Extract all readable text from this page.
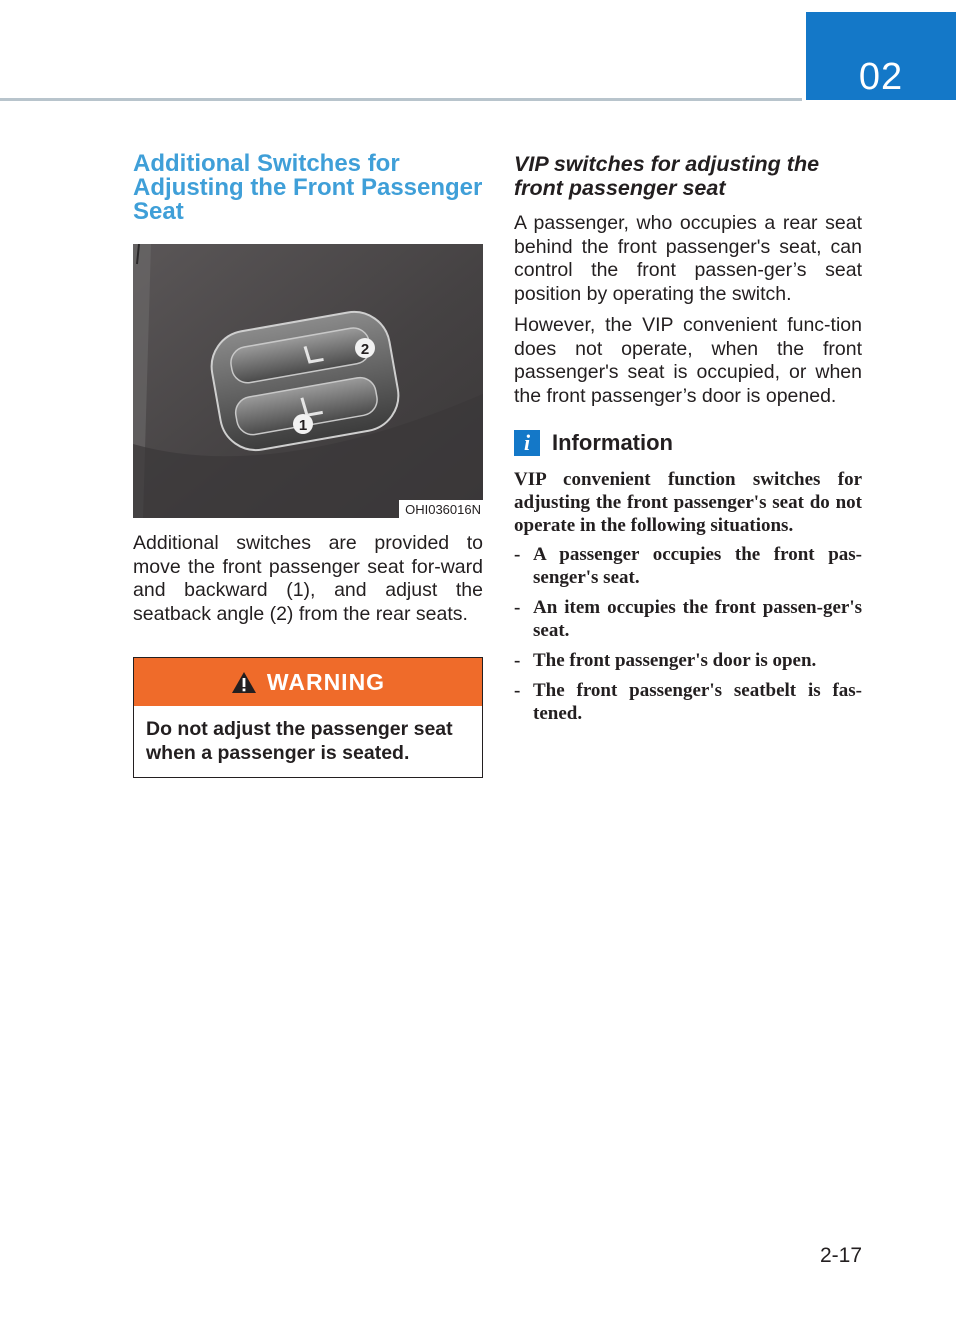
02
Additional Switches for Adjusting the Front Passenger Seat
2
1
OHI036016N

Additional switches are provided to move the front passenger seat for-ward and backward (1), and adjust the seatback angle (2) from the rear seats.

WARNING
Do not adjust the passenger seat when a passenger is seated.
VIP switches for adjusting the front passenger seat

A passenger, who occupies a rear seat behind the front passenger's seat, can control the front passen-ger’s seat position by operating the switch.

However, the VIP convenient func-tion does not operate, when the front passenger's seat is occupied, or when the front passenger’s door is opened.

i Information

VIP convenient function switches for adjusting the front passenger's seat do not operate in the following situations.

- A passenger occupies the front pas-senger's seat.
- An item occupies the front passen-ger's seat.
- The front passenger's door is open.
- The front passenger's seatbelt is fas-tened.
2-17
